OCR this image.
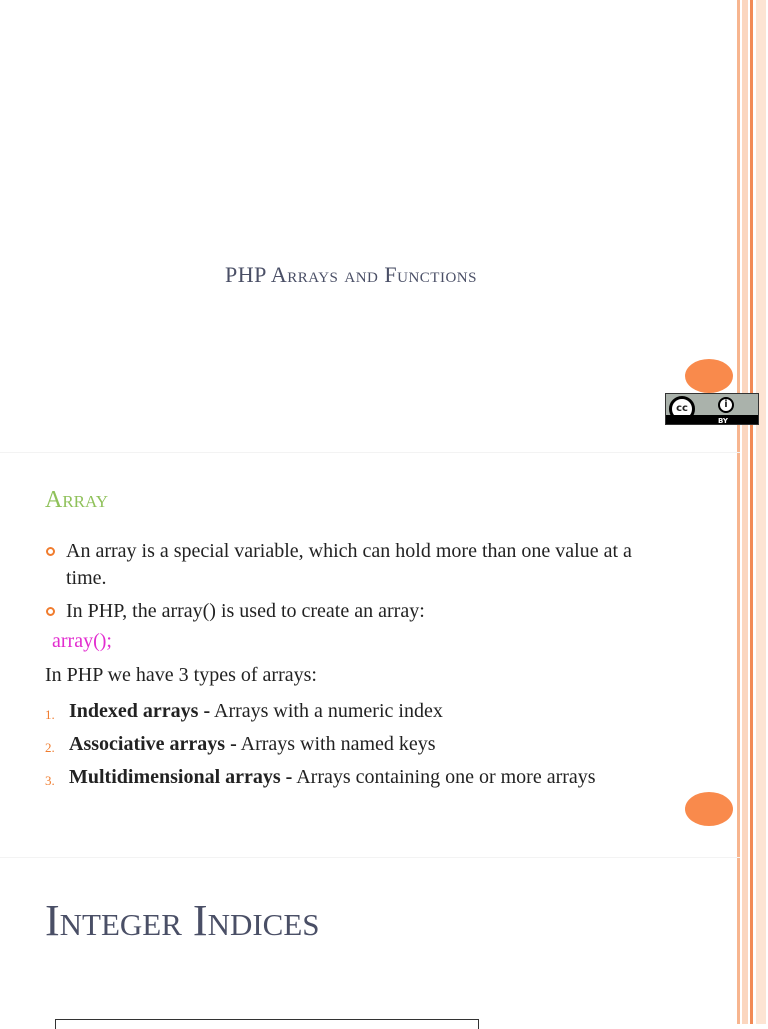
PHP Arrays and Functions
cc	i
BY
Array
An array is a special variable, which can hold more than one value at a time.
In PHP, the array() is used to create an array:
array();
In PHP we have 3 types of arrays:
1. Indexed arrays - Arrays with a numeric index
2. Associative arrays - Arrays with named keys
3. Multidimensional arrays - Arrays containing one or more arrays
Integer Indices
